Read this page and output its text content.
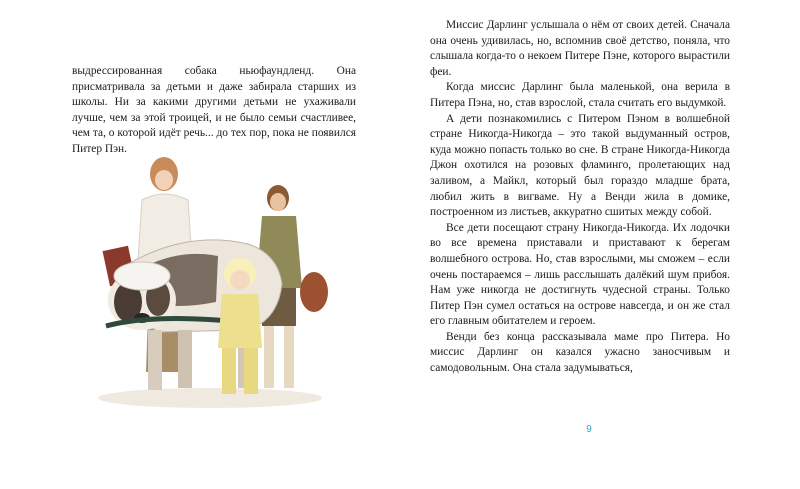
выдрессированная собака ньюфаундленд. Она присматривала за детьми и даже забирала старших из школы. Ни за какими другими детьми не ухаживали лучше, чем за этой троицей, и не было семьи счастливее, чем та, о которой идёт речь... до тех пор, пока не появился Питер Пэн.

Миссис Дарлинг услышала о нём от своих детей. Сначала она очень удивилась, но, вспомнив своё детство, поняла, что слышала когда-то о некоем Питере Пэне, которого вырастили феи.

Когда миссис Дарлинг была маленькой, она верила в Питера Пэна, но, став взрослой, стала считать его выдумкой.

А дети познакомились с Питером Пэном в волшебной стране Никогда-Никогда – это такой выдуманный остров, куда можно попасть только во сне. В стране Никогда-Никогда Джон охотился на розовых фламинго, пролетающих над заливом, а Майкл, который был гораздо младше брата, любил жить в вигваме. Ну а Венди жила в домике, построенном из листьев, аккуратно сшитых между собой.

Все дети посещают страну Никогда-Никогда. Их лодочки во все времена приставали и приставают к берегам волшебного острова. Но, став взрослыми, мы сможем – если очень постараемся – лишь расслышать далёкий шум прибоя. Нам уже никогда не достигнуть чудесной страны. Только Питер Пэн сумел остаться на острове навсегда, и он же стал его главным обитателем и героем.

Венди без конца рассказывала маме про Питера. Но миссис Дарлинг он казался ужасно заносчивым и самодовольным. Она стала задумываться,

9
